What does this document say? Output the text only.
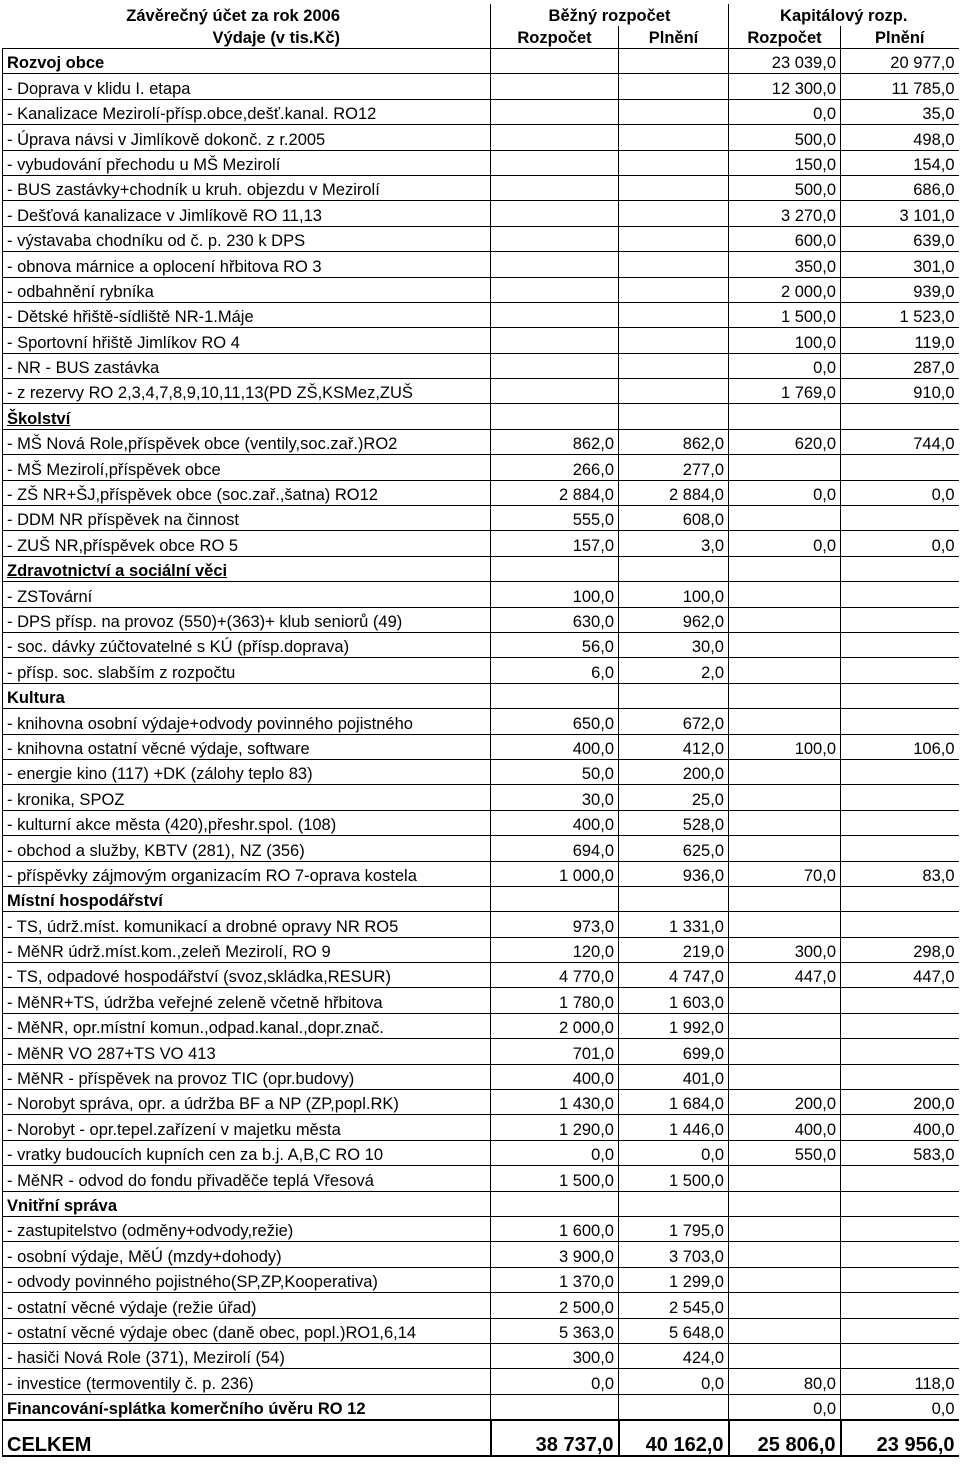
Závěrečný účet za rok 2006	Běžný rozpočet		Kapitálový rozp.	
Výdaje (v tis.Kč)	Rozpočet	Plnění	Rozpočet	Plnění
Rozvoj obce			23 039,0	20 977,0
- Doprava v klidu I. etapa			12 300,0	11 785,0
- Kanalizace Mezirolí-přísp.obce,dešť.kanal. RO12			0,0	35,0
- Úprava návsi v Jimlíkově dokonč. z r.2005			500,0	498,0
- vybudování přechodu u MŠ Mezirolí			150,0	154,0
- BUS zastávky+chodník u kruh. objezdu v Mezirolí			500,0	686,0
- Dešťová kanalizace v Jimlíkově RO 11,13			3 270,0	3 101,0
- výstavaba chodníku od č. p. 230 k DPS			600,0	639,0
- obnova márnice a oplocení hřbitova RO 3			350,0	301,0
- odbahnění rybníka			2 000,0	939,0
- Dětské hřiště-sídliště NR-1.Máje			1 500,0	1 523,0
- Sportovní hřiště Jimlíkov RO 4			100,0	119,0
- NR - BUS zastávka			0,0	287,0
- z rezervy RO 2,3,4,7,8,9,10,11,13(PD ZŠ,KSMez,ZUŠ			1 769,0	910,0
Školství				
- MŠ Nová Role,příspěvek obce (ventily,soc.zař.)RO2	862,0	862,0	620,0	744,0
- MŠ Mezirolí,příspěvek obce	266,0	277,0		
- ZŠ NR+ŠJ,příspěvek obce (soc.zař.,šatna) RO12	2 884,0	2 884,0	0,0	0,0
- DDM NR příspěvek na činnost	555,0	608,0		
- ZUŠ NR,příspěvek obce RO 5	157,0	3,0	0,0	0,0
Zdravotnictví a sociální věci				
- ZSTovární	100,0	100,0		
- DPS přísp. na provoz (550)+(363)+ klub seniorů (49)	630,0	962,0		
- soc. dávky zúčtovatelné s KÚ (přísp.doprava)	56,0	30,0		
- přísp. soc. slabším z rozpočtu	6,0	2,0		
Kultura				
- knihovna osobní výdaje+odvody povinného pojistného	650,0	672,0		
- knihovna ostatní věcné výdaje, software	400,0	412,0	100,0	106,0
- energie kino (117) +DK (zálohy teplo 83)	50,0	200,0		
- kronika, SPOZ	30,0	25,0		
- kulturní akce města (420),přeshr.spol. (108)	400,0	528,0		
- obchod a služby, KBTV (281), NZ (356)	694,0	625,0		
- příspěvky zájmovým organizacím RO 7-oprava kostela	1 000,0	936,0	70,0	83,0
Místní hospodářství				
- TS, údrž.míst. komunikací a drobné opravy NR RO5	973,0	1 331,0		
- MěNR údrž.míst.kom.,zeleň Mezirolí, RO 9	120,0	219,0	300,0	298,0
- TS, odpadové hospodářství (svoz,skládka,RESUR)	4 770,0	4 747,0	447,0	447,0
- MěNR+TS, údržba veřejné zeleně včetně hřbitova	1 780,0	1 603,0		
- MěNR, opr.místní komun.,odpad.kanal.,dopr.znač.	2 000,0	1 992,0		
- MěNR VO 287+TS VO 413	701,0	699,0		
- MěNR - příspěvek na provoz TIC (opr.budovy)	400,0	401,0		
- Norobyt správa, opr. a údržba BF a NP (ZP,popl.RK)	1 430,0	1 684,0	200,0	200,0
- Norobyt - opr.tepel.zařízení v majetku města	1 290,0	1 446,0	400,0	400,0
- vratky budoucích kupních cen za b.j. A,B,C RO 10	0,0	0,0	550,0	583,0
- MěNR - odvod do fondu přivaděče teplá Vřesová	1 500,0	1 500,0		
Vnitřní správa				
- zastupitelstvo (odměny+odvody,režie)	1 600,0	1 795,0		
- osobní výdaje, MěÚ (mzdy+dohody)	3 900,0	3 703,0		
- odvody povinného pojistného(SP,ZP,Kooperativa)	1 370,0	1 299,0		
- ostatní věcné výdaje (režie úřad)	2 500,0	2 545,0		
- ostatní věcné výdaje obec (daně obec, popl.)RO1,6,14	5 363,0	5 648,0		
- hasiči Nová Role (371), Mezirolí (54)	300,0	424,0		
- investice (termoventily č. p. 236)	0,0	0,0	80,0	118,0
Financování-splátka komerčního úvěru RO 12			0,0	0,0
CELKEM	38 737,0	40 162,0	25 806,0	23 956,0
